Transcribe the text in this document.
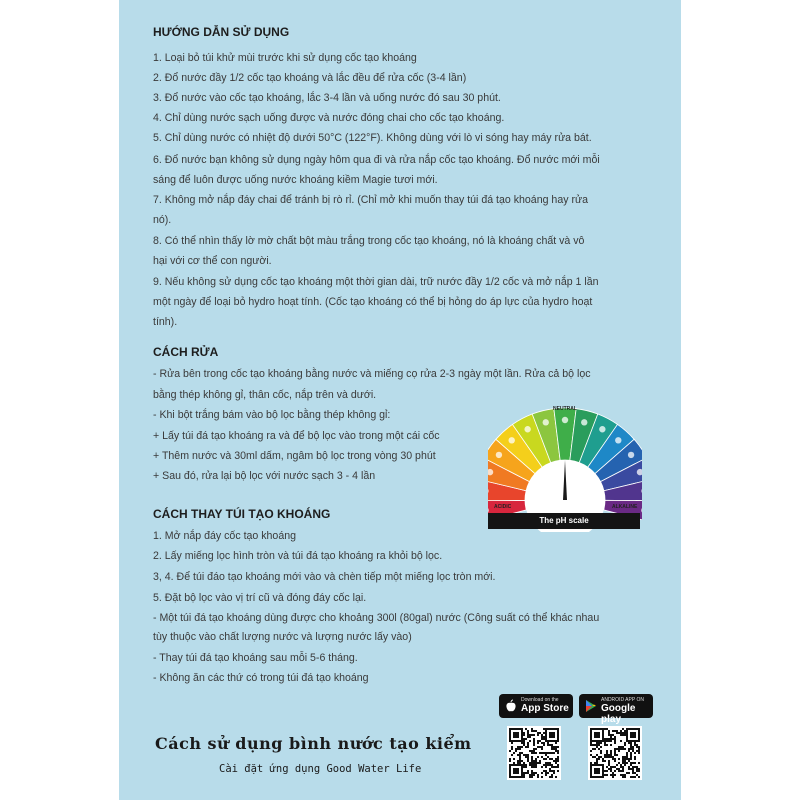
HƯỚNG DẪN SỬ DỤNG
1. Loại bỏ túi khử mùi trước khi sử dụng cốc tạo khoáng
2. Đổ nước đầy 1/2 cốc tạo khoáng và lắc đều để rửa cốc (3-4 lần)
3. Đổ nước vào cốc tạo khoáng, lắc 3-4 lần và uống nước đó sau 30 phút.
4. Chỉ dùng nước sạch uống được và nước đóng chai cho cốc tạo khoáng.
5. Chỉ dùng nước có nhiệt độ dưới 50°C (122°F). Không dùng với lò vi sóng hay máy rửa bát.
6. Đổ nước bạn không sử dụng ngày hôm qua đi và rửa nắp cốc tạo khoáng. Đổ nước mới mỗi
sáng để luôn được uống nước khoáng kiềm Magie tươi mới.
7. Không mở nắp đáy chai để tránh bị rò rỉ. (Chỉ mở khi muốn thay túi đá tạo khoáng hay rửa
nó).
8. Có thể nhìn thấy lờ mờ chất bột màu trắng trong cốc tạo khoáng, nó là khoáng chất và vô
hại với cơ thể con người.
9. Nếu không sử dụng cốc tạo khoáng một thời gian dài, trữ nước đầy 1/2 cốc và mở nắp 1 lần
một ngày để loại bỏ hydro hoạt tính. (Cốc tạo khoáng có thể bị hỏng do áp lực của hydro hoạt
tính).
CÁCH RỬA
- Rửa bên trong cốc tạo khoáng bằng nước và miếng cọ rửa 2-3 ngày một lần. Rửa cả bộ lọc
bằng thép không gỉ, thân cốc, nắp trên và dưới.
- Khi bột trắng bám vào bộ lọc bằng thép không gỉ:
+ Lấy túi đá tạo khoáng ra và để bộ lọc vào trong một cái cốc
+ Thêm nước và 30ml dấm, ngâm bộ lọc trong vòng 30 phút
+ Sau đó, rửa lại bộ lọc với nước sạch 3 - 4 lần
NEUTRAL
ACIDIC	ALKALINE
The pH scale
CÁCH THAY TÚI TẠO KHOÁNG
1. Mở nắp đáy cốc tạo khoáng
2. Lấy miếng lọc hình tròn và túi đá tạo khoáng ra khỏi bộ lọc.
3, 4. Để túi đáo tạo khoáng mới vào và chèn tiếp một miếng lọc tròn mới.
5. Đặt bộ lọc vào vị trí cũ và đóng đáy cốc lại.
- Một túi đá tạo khoáng dùng được cho khoảng 300l (80gal) nước (Công suất có thể khác nhau
tùy thuộc vào chất lượng nước và lượng nước lấy vào)
- Thay túi đá tạo khoáng sau mỗi 5-6 tháng.
- Không ăn các thứ có trong túi đá tạo khoáng
Download on the
App Store
ANDROID APP ON
Google play
Cách sử dụng bình nước tạo kiểm
Cài đặt ứng dụng Good Water Life
